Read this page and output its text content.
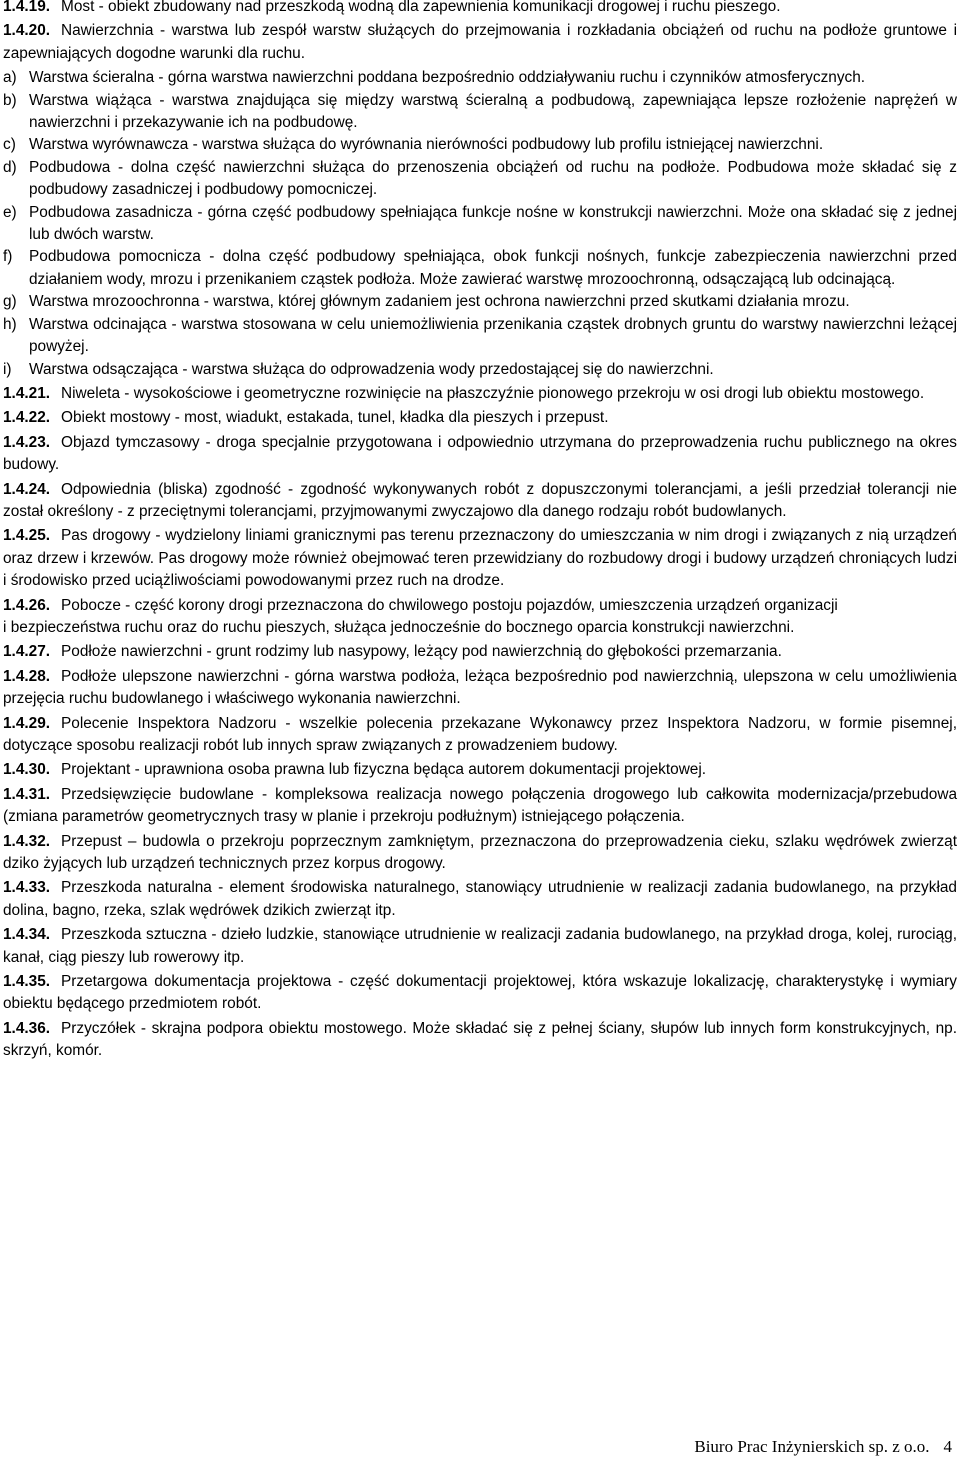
1.4.19. Most - obiekt zbudowany nad przeszkodą wodną dla zapewnienia komunikacji drogowej i ruchu pieszego.

1.4.20. Nawierzchnia - warstwa lub zespół warstw służących do przejmowania i rozkładania obciążeń od ruchu na podłoże gruntowe i zapewniających dogodne warunki dla ruchu.

a) Warstwa ścieralna - górna warstwa nawierzchni poddana bezpośrednio oddziaływaniu ruchu i czynników atmosferycznych.
b) Warstwa wiążąca - warstwa znajdująca się między warstwą ścieralną a podbudową, zapewniająca lepsze rozłożenie naprężeń w nawierzchni i przekazywanie ich na podbudowę.
c) Warstwa wyrównawcza - warstwa służąca do wyrównania nierówności podbudowy lub profilu istniejącej nawierzchni.
d) Podbudowa - dolna część nawierzchni służąca do przenoszenia obciążeń od ruchu na podłoże. Podbudowa może składać się z podbudowy zasadniczej i podbudowy pomocniczej.
e) Podbudowa zasadnicza - górna część podbudowy spełniająca funkcje nośne w konstrukcji nawierzchni. Może ona składać się z jednej lub dwóch warstw.
f)	Podbudowa pomocnicza - dolna część podbudowy spełniająca, obok funkcji nośnych, funkcje zabezpieczenia nawierzchni przed działaniem wody, mrozu i przenikaniem cząstek podłoża. Może zawierać warstwę mrozoochronną, odsączającą lub odcinającą.
g) Warstwa mrozoochronna - warstwa, której głównym zadaniem jest ochrona nawierzchni przed skutkami działania mrozu.
h) Warstwa odcinająca - warstwa stosowana w celu uniemożliwienia przenikania cząstek drobnych gruntu do warstwy nawierzchni leżącej powyżej.
i)	Warstwa odsączająca - warstwa służąca do odprowadzenia wody przedostającej się do nawierzchni.

1.4.21. Niweleta - wysokościowe i geometryczne rozwinięcie na płaszczyźnie pionowego przekroju w osi drogi lub obiektu mostowego.

1.4.22. Obiekt mostowy - most, wiadukt, estakada, tunel, kładka dla pieszych i przepust.

1.4.23. Objazd tymczasowy - droga specjalnie przygotowana i odpowiednio utrzymana do przeprowadzenia ruchu publicznego na okres budowy.

1.4.24. Odpowiednia (bliska) zgodność - zgodność wykonywanych robót z dopuszczonymi tolerancjami, a jeśli przedział tolerancji nie został określony - z przeciętnymi tolerancjami, przyjmowanymi zwyczajowo dla danego rodzaju robót budowlanych.

1.4.25. Pas drogowy - wydzielony liniami granicznymi pas terenu przeznaczony do umieszczania w nim drogi i związanych z nią urządzeń oraz drzew i krzewów. Pas drogowy może również obejmować teren przewidziany do rozbudowy drogi i budowy urządzeń chroniących ludzi i środowisko przed uciążliwościami powodowanymi przez ruch na drodze.

1.4.26. Pobocze - część korony drogi przeznaczona do chwilowego postoju pojazdów, umieszczenia urządzeń organizacji

i bezpieczeństwa ruchu oraz do ruchu pieszych, służąca jednocześnie do bocznego oparcia konstrukcji nawierzchni.

1.4.27. Podłoże nawierzchni - grunt rodzimy lub nasypowy, leżący pod nawierzchnią do głębokości przemarzania.

1.4.28. Podłoże ulepszone nawierzchni - górna warstwa podłoża, leżąca bezpośrednio pod nawierzchnią, ulepszona w celu umożliwienia przejęcia ruchu budowlanego i właściwego wykonania nawierzchni.

1.4.29. Polecenie Inspektora Nadzoru - wszelkie polecenia przekazane Wykonawcy przez Inspektora Nadzoru, w formie pisemnej, dotyczące sposobu realizacji robót lub innych spraw związanych z prowadzeniem budowy.

1.4.30. Projektant - uprawniona osoba prawna lub fizyczna będąca autorem dokumentacji projektowej.

1.4.31. Przedsięwzięcie budowlane - kompleksowa realizacja nowego połączenia drogowego lub całkowita modernizacja/przebudowa (zmiana parametrów geometrycznych trasy w planie i przekroju podłużnym) istniejącego połączenia.

1.4.32. Przepust – budowla o przekroju poprzecznym zamkniętym, przeznaczona do przeprowadzenia cieku, szlaku wędrówek zwierząt dziko żyjących lub urządzeń technicznych przez korpus drogowy.

1.4.33. Przeszkoda naturalna - element środowiska naturalnego, stanowiący utrudnienie w realizacji zadania budowlanego, na przykład dolina, bagno, rzeka, szlak wędrówek dzikich zwierząt itp.

1.4.34. Przeszkoda sztuczna - dzieło ludzkie, stanowiące utrudnienie w realizacji zadania budowlanego, na przykład droga, kolej, rurociąg, kanał, ciąg pieszy lub rowerowy itp.

1.4.35. Przetargowa dokumentacja projektowa - część dokumentacji projektowej, która wskazuje lokalizację, charakterystykę i wymiary obiektu będącego przedmiotem robót.

1.4.36. Przyczółek - skrajna podpora obiektu mostowego. Może składać się z pełnej ściany, słupów lub innych form konstrukcyjnych, np. skrzyń, komór.

Biuro Prac Inżynierskich sp. z o.o. 4
